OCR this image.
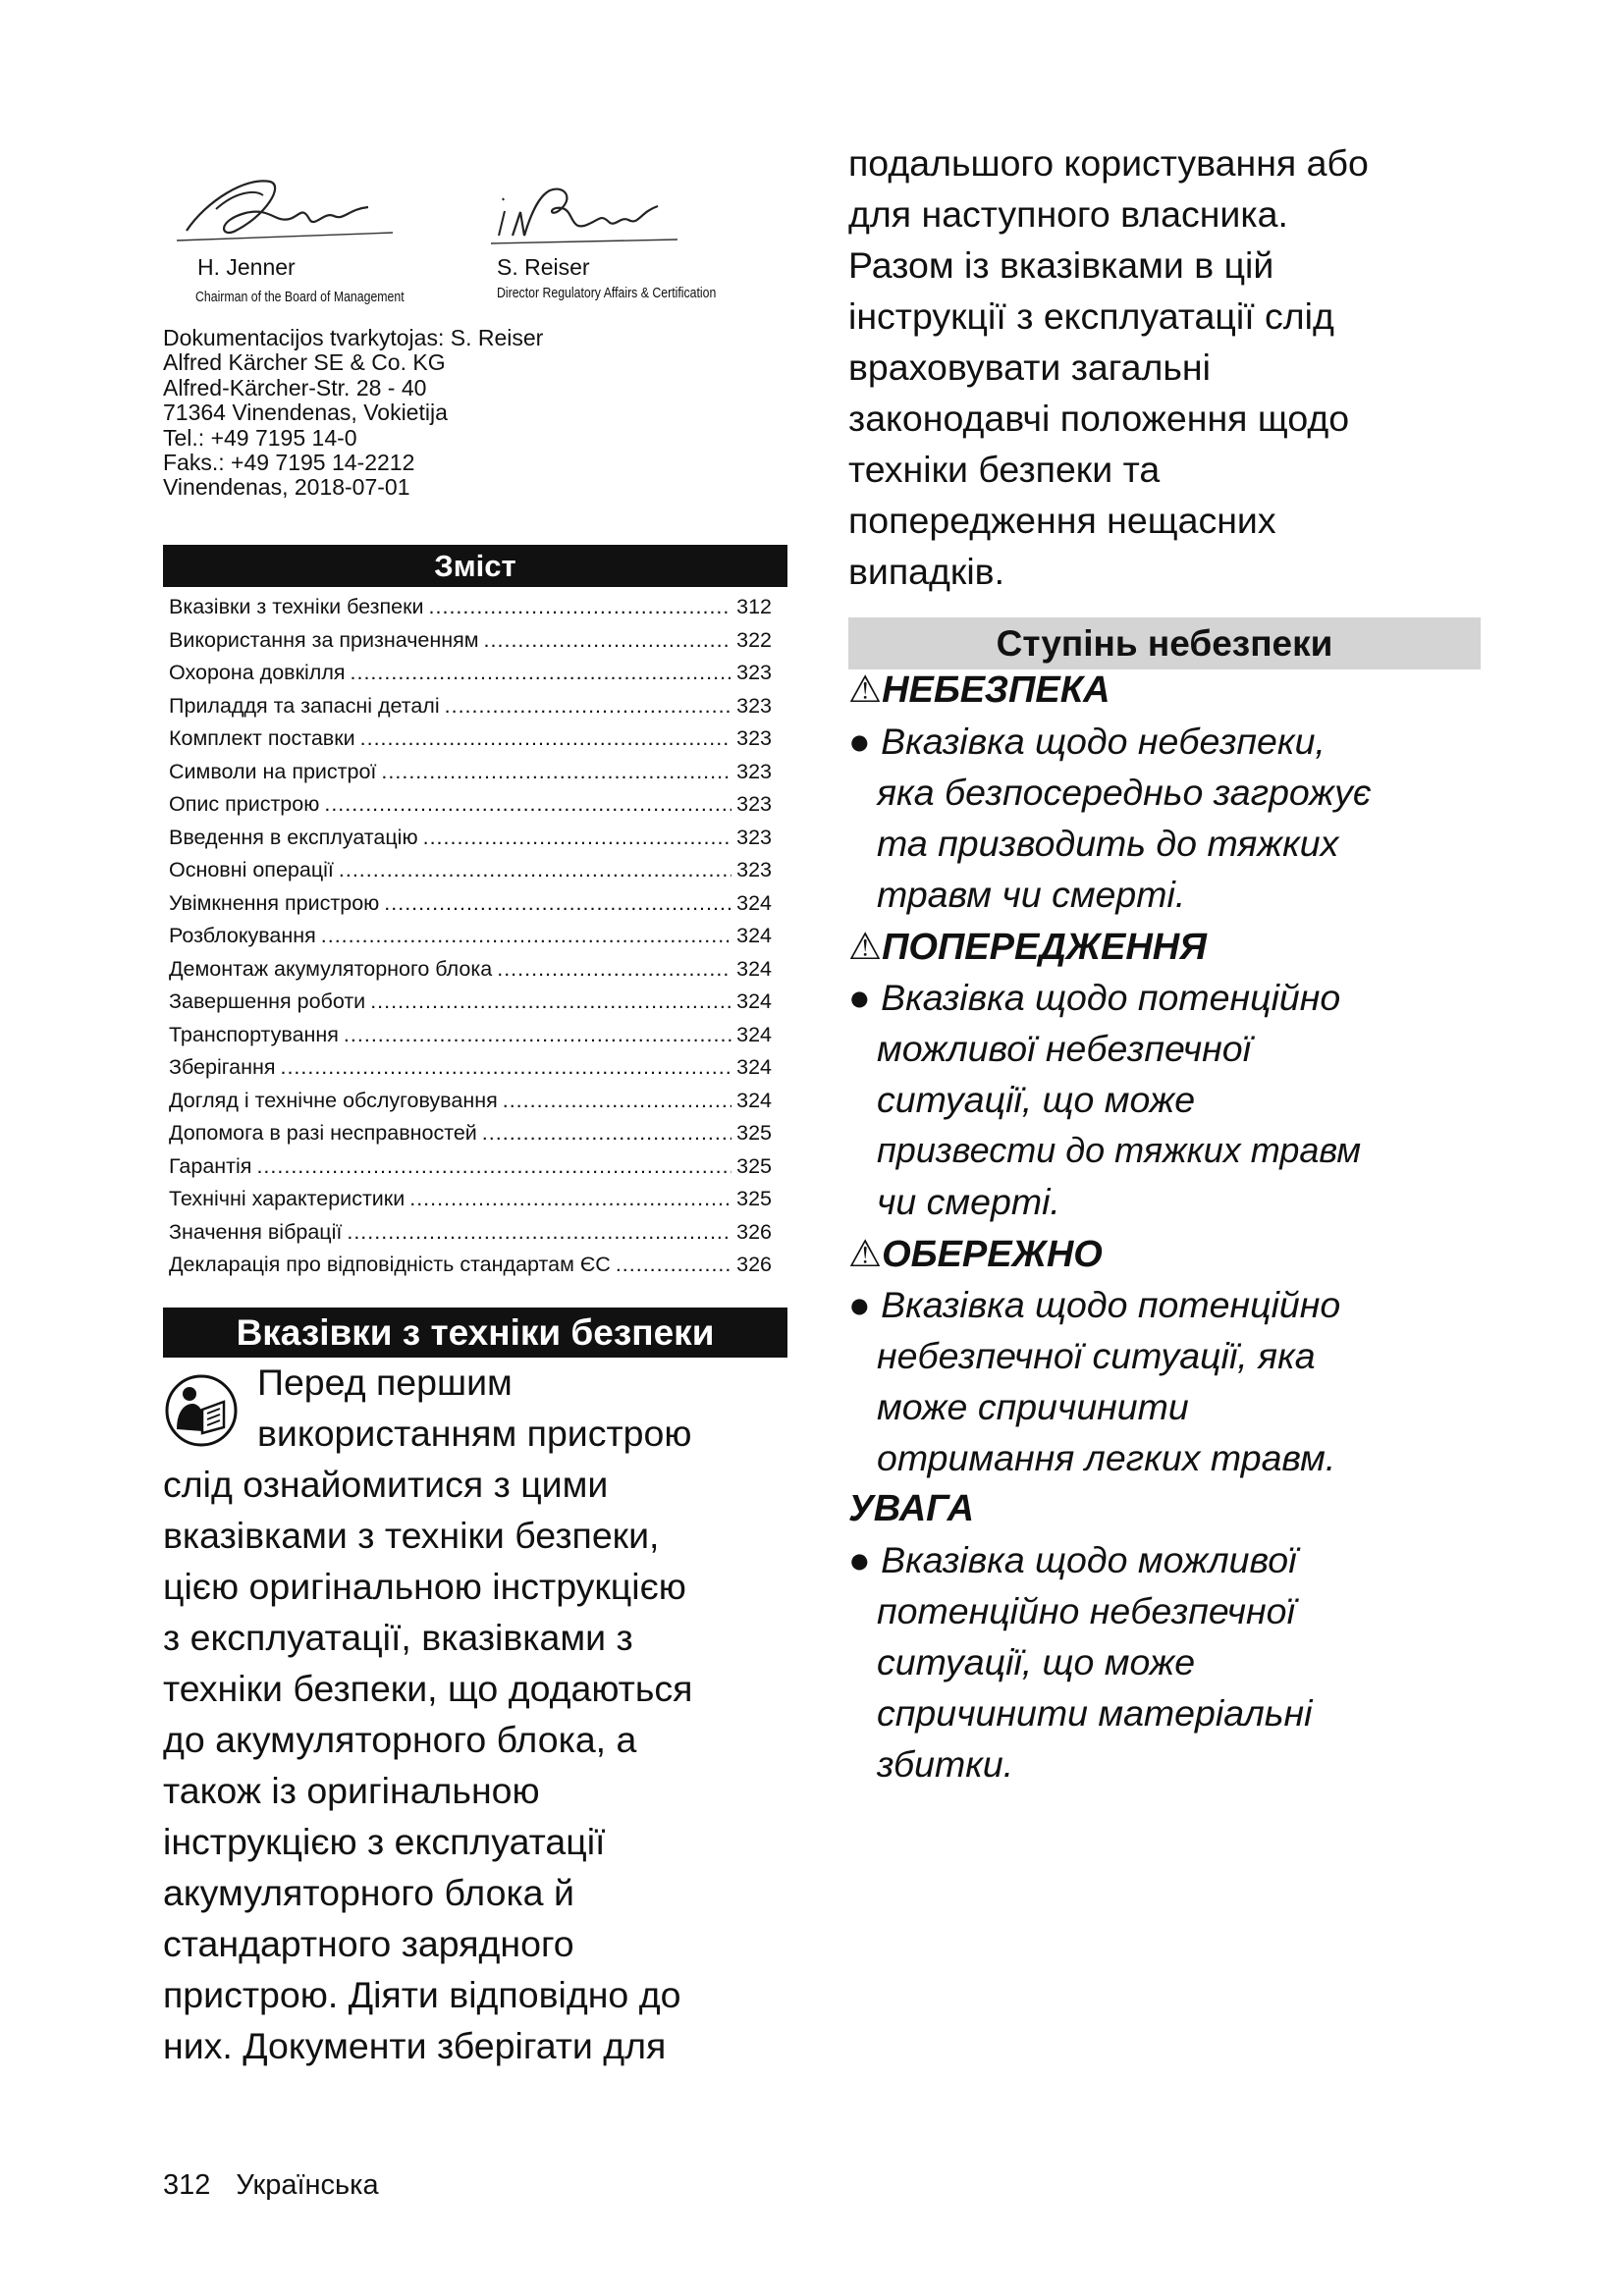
H. Jenner
Chairman of the Board of Management
S. Reiser
Director Regulatory Affairs & Certification
Dokumentacijos tvarkytojas: S. Reiser
Alfred Kärcher SE & Co. KG
Alfred-Kärcher-Str. 28 - 40
71364 Vinendenas, Vokietija
Tel.: +49 7195 14-0
Faks.: +49 7195 14-2212
Vinendenas, 2018-07-01
Зміст
Вказівки з техніки безпеки .....	312
Використання за призначенням .....	322
Охорона довкілля .....	323
Приладдя та запасні деталі .....	323
Комплект поставки .....	323
Символи на пристрої .....	323
Опис пристрою .....	323
Введення в експлуатацію .....	323
Основні операції .....	323
Увімкнення пристрою .....	324
Розблокування .....	324
Демонтаж акумуляторного блока .....	324
Завершення роботи .....	324
Транспортування .....	324
Зберігання .....	324
Догляд і технічне обслуговування .....	324
Допомога в разі несправностей .....	325
Гарантія .....	325
Технічні характеристики .....	325
Значення вібрації .....	326
Декларація про відповідність стандартам ЄС .....	326
Вказівки з техніки безпеки
Перед першим
використанням пристрою
слід ознайомитися з цими
вказівками з техніки безпеки,
цією оригінальною інструкцією
з експлуатації, вказівками з
техніки безпеки, що додаються
до акумуляторного блока, а
також із оригінальною
інструкцією з експлуатації
акумуляторного блока й
стандартного зарядного
пристрою. Діяти відповідно до
них. Документи зберігати для
подальшого користування або
для наступного власника.
Разом із вказівками в цій
інструкції з експлуатації слід
враховувати загальні
законодавчі положення щодо
техніки безпеки та
попередження нещасних
випадків.
Ступінь небезпеки
⚠НЕБЕЗПЕКА
● Вказівка щодо небезпеки,
яка безпосередньо загрожує
та призводить до тяжких
травм чи смерті.
⚠ПОПЕРЕДЖЕННЯ
● Вказівка щодо потенційно
можливої небезпечної
ситуації, що може
призвести до тяжких травм
чи смерті.
⚠ОБЕРЕЖНО
● Вказівка щодо потенційно
небезпечної ситуації, яка
може спричинити
отримання легких травм.
УВАГА
● Вказівка щодо можливої
потенційно небезпечної
ситуації, що може
спричинити матеріальні
збитки.
312 Українська
